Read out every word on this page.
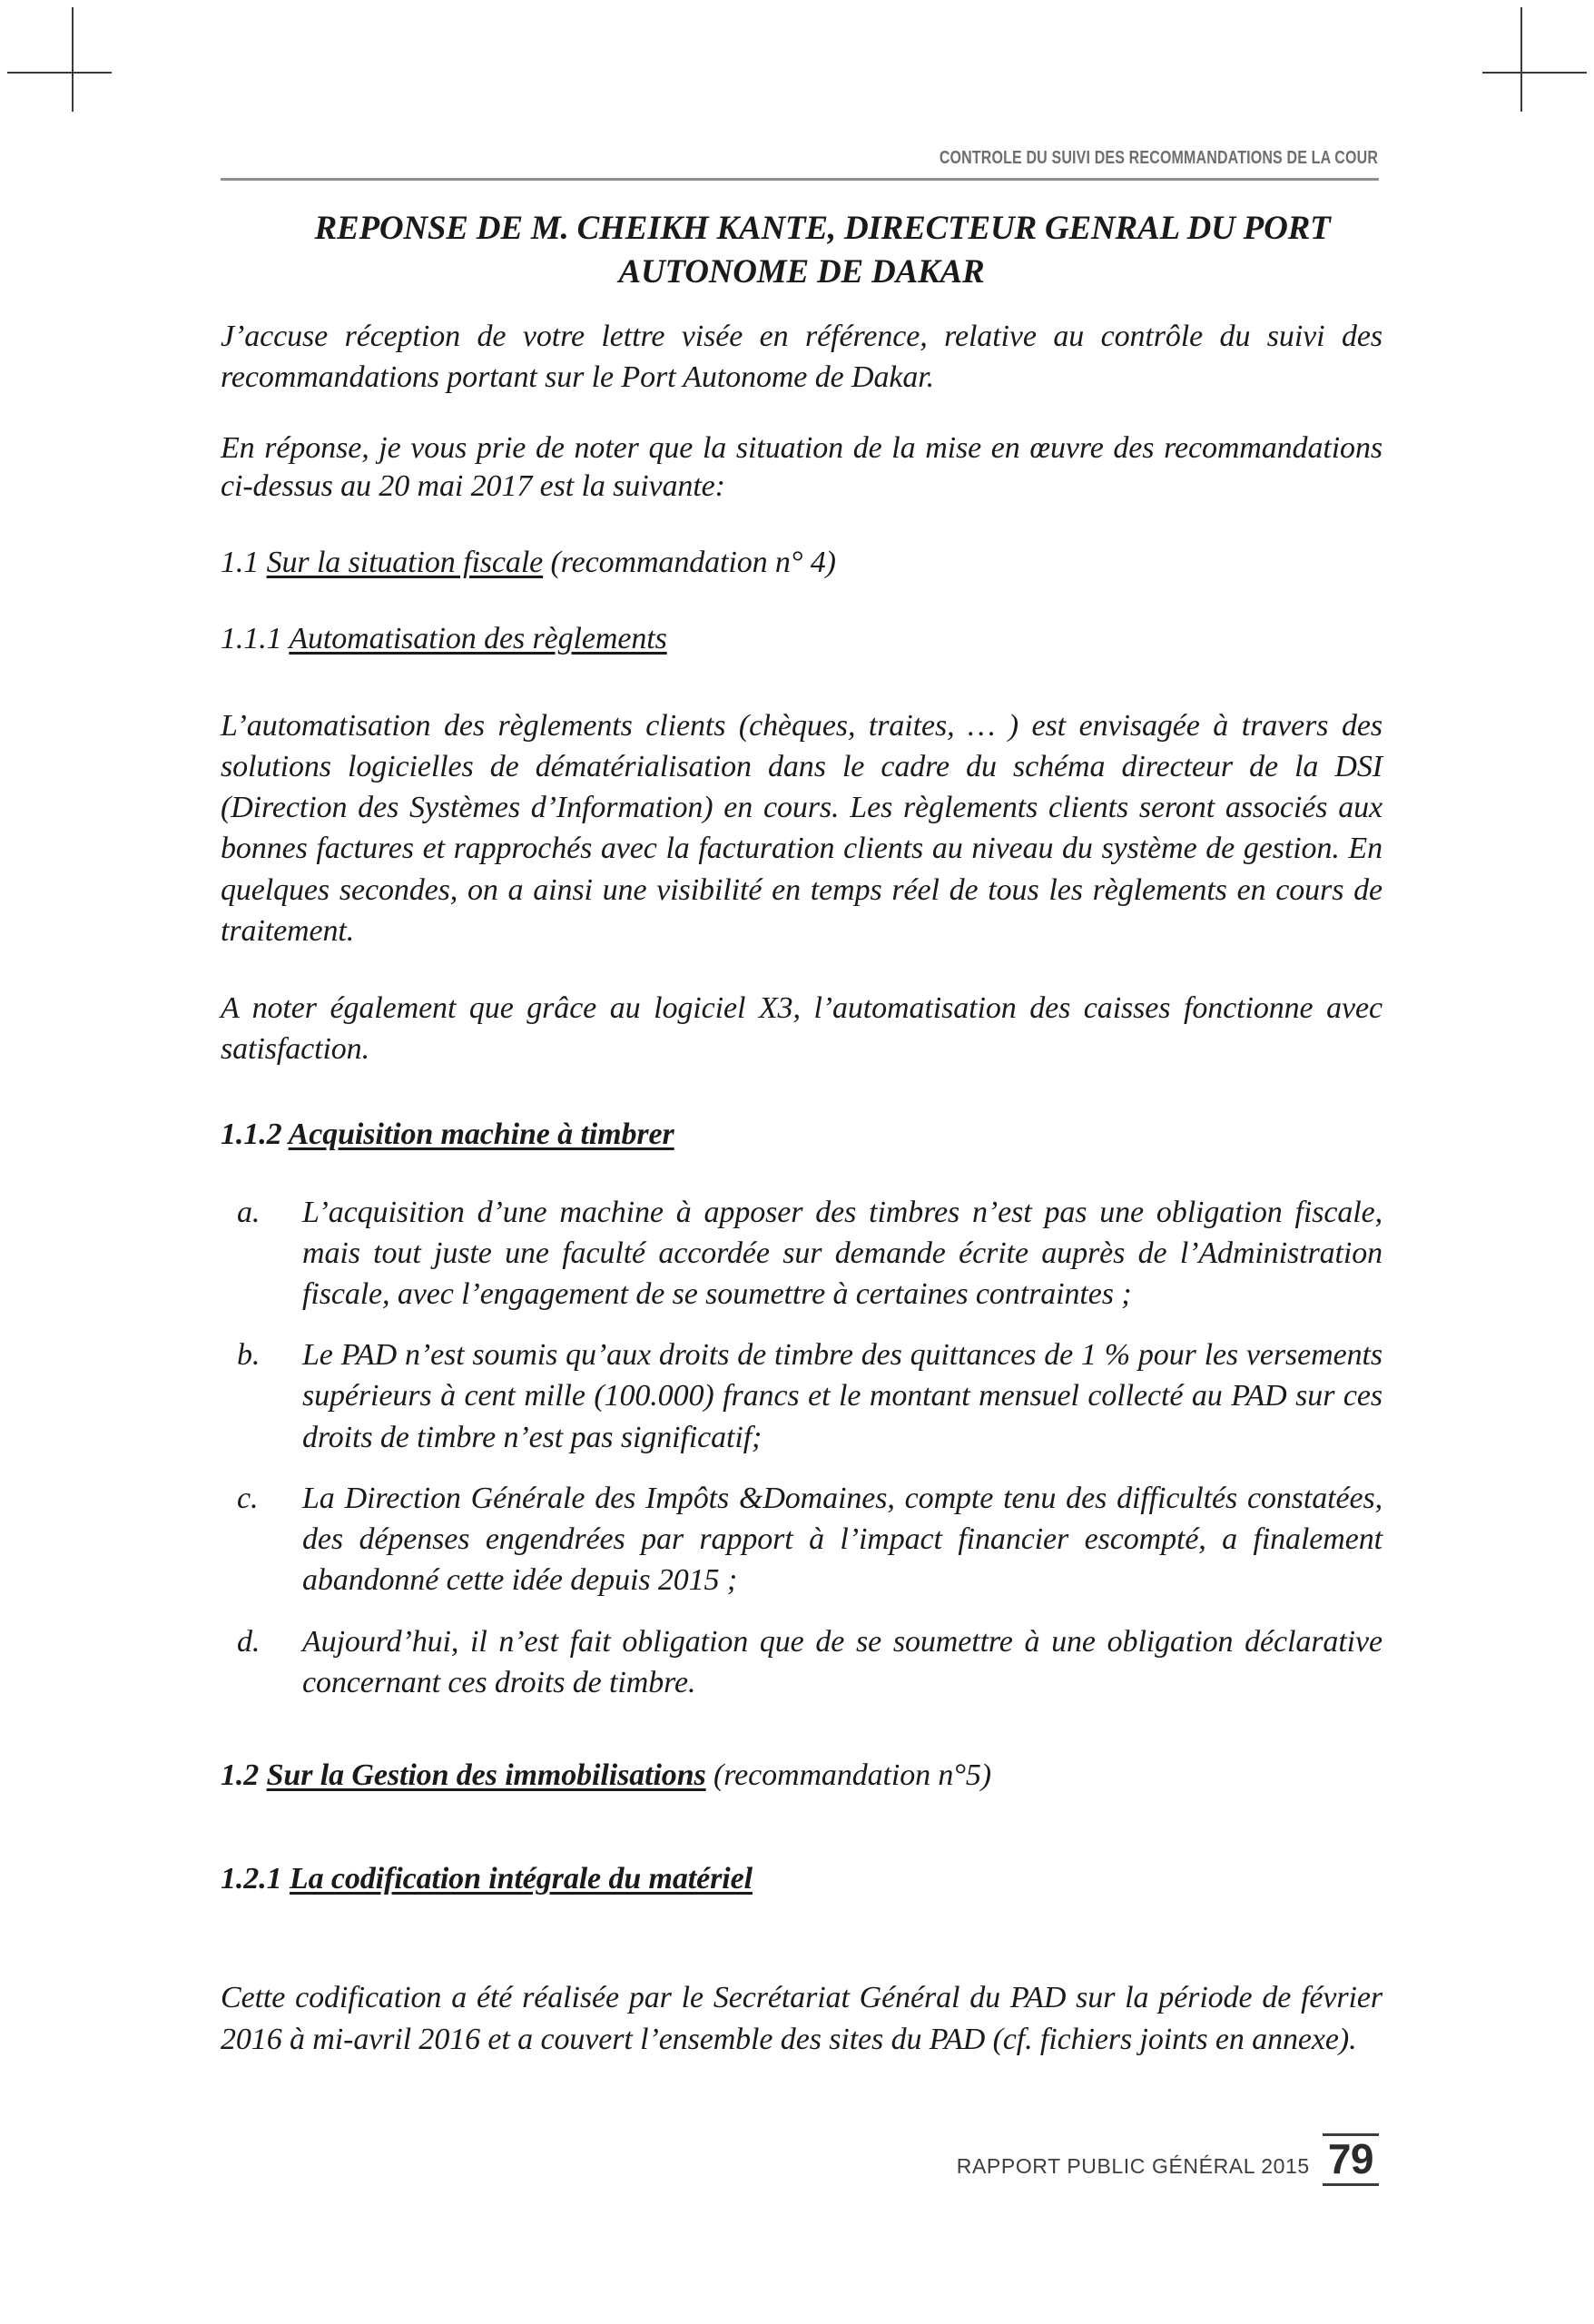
CONTROLE DU SUIVI DES RECOMMANDATIONS DE LA COUR
REPONSE DE M. CHEIKH KANTE, DIRECTEUR GENRAL DU PORT
AUTONOME DE DAKAR

J’accuse réception de votre lettre visée en référence, relative au contrôle du suivi des recommandations portant sur le Port Autonome de Dakar.

En réponse, je vous prie de noter que la situation de la mise en œuvre des recommandations ci-dessus au 20 mai 2017 est la suivante:

1.1 Sur la situation fiscale (recommandation n° 4)
1.1.1 Automatisation des règlements

L’automatisation des règlements clients (chèques, traites, … ) est envisagée à travers des solutions logicielles de dématérialisation dans le cadre du schéma directeur de la DSI (Direction des Systèmes d’Information) en cours. Les règlements clients seront associés aux bonnes factures et rapprochés avec la facturation clients au niveau du système de gestion. En quelques secondes, on a ainsi une visibilité en temps réel de tous les règlements en cours de traitement.

A noter également que grâce au logiciel X3, l’automatisation des caisses fonctionne avec satisfaction.

1.1.2 Acquisition machine à timbrer
a.	L’acquisition d’une machine à apposer des timbres n’est pas une obligation fiscale, mais tout juste une faculté accordée sur demande écrite auprès de l’Administration fiscale, avec l’engagement de se soumettre à certaines contraintes ;
b.	Le PAD n’est soumis qu’aux droits de timbre des quittances de 1 % pour les versements supérieurs à cent mille (100.000) francs et le montant mensuel collecté au PAD sur ces droits de timbre n’est pas significatif;
c.	La Direction Générale des Impôts &Domaines, compte tenu des difficultés constatées, des dépenses engendrées par rapport à l’impact financier escompté, a finalement abandonné cette idée depuis 2015 ;
d.	Aujourd’hui, il n’est fait obligation que de se soumettre à une obligation déclarative concernant ces droits de timbre.
1.2 Sur la Gestion des immobilisations (recommandation n°5)
1.2.1 La codification intégrale du matériel

Cette codification a été réalisée par le Secrétariat Général du PAD sur la période de février 2016 à mi-avril 2016 et a couvert l’ensemble des sites du PAD (cf. fichiers joints en annexe).

RAPPORT PUBLIC GÉNÉRAL 2015 79
